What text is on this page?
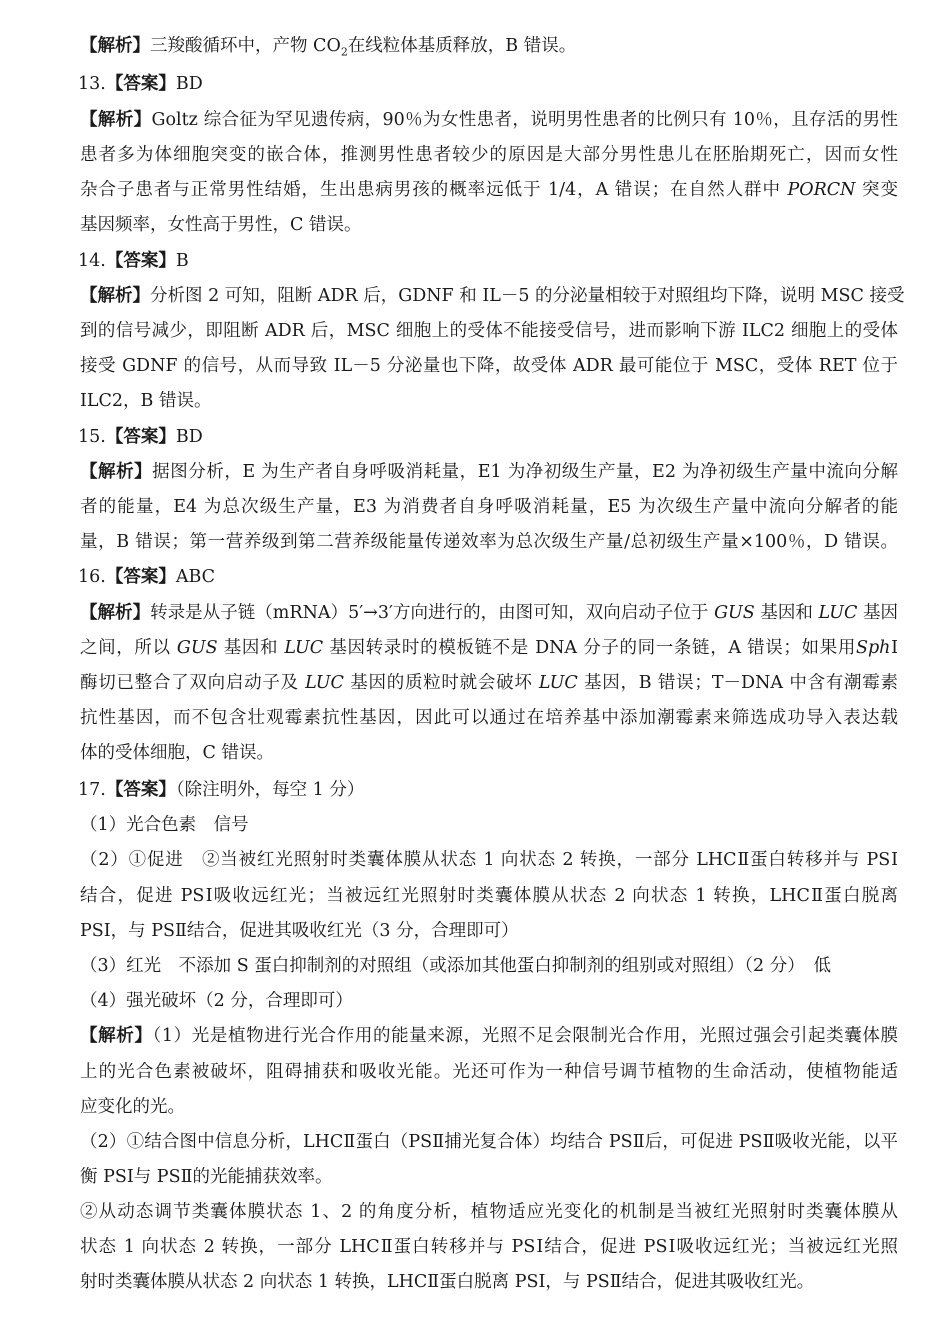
【解析】三羧酸循环中，产物 $CO_2$在线粒体基质释放，B 错误。
13.【答案】BD
【解析】Goltz 综合征为罕见遗传病，90％为女性患者，说明男性患者的比例只有 10％，且存活的男性
患者多为体细胞突变的嵌合体，推测男性患者较少的原因是大部分男性患儿在胚胎期死亡，因而女性
杂合子患者与正常男性结婚，生出患病男孩的概率远低于 1/4，A 错误；在自然人群中 PORCN 突变
基因频率，女性高于男性，C 错误。
14.【答案】B
【解析】分析图 2 可知，阻断 ADR 后，GDNF 和 IL－5 的分泌量相较于对照组均下降，说明 MSC 接受
到的信号减少，即阻断 ADR 后，MSC 细胞上的受体不能接受信号，进而影响下游 ILC2 细胞上的受体
接受 GDNF 的信号，从而导致 IL－5 分泌量也下降，故受体 ADR 最可能位于 MSC，受体 RET 位于
ILC2，B 错误。
15.【答案】BD
【解析】据图分析，E 为生产者自身呼吸消耗量，E1 为净初级生产量，E2 为净初级生产量中流向分解
者的能量，E4 为总次级生产量，E3 为消费者自身呼吸消耗量，E5 为次级生产量中流向分解者的能
量，B 错误；第一营养级到第二营养级能量传递效率为总次级生产量/总初级生产量×100％，D 错误。
16.【答案】ABC
【解析】转录是从子链（mRNA）5′→3′方向进行的，由图可知，双向启动子位于 GUS 基因和 LUC 基因
之间，所以 GUS 基因和 LUC 基因转录时的模板链不是 DNA 分子的同一条链，A 错误；如果用SphⅠ
酶切已整合了双向启动子及 LUC 基因的质粒时就会破坏 LUC 基因，B 错误；T－DNA 中含有潮霉素
抗性基因，而不包含壮观霉素抗性基因，因此可以通过在培养基中添加潮霉素来筛选成功导入表达载
体的受体细胞，C 错误。
17.【答案】（除注明外，每空 1 分）
（1）光合色素　信号
（2）①促进　②当被红光照射时类囊体膜从状态 1 向状态 2 转换，一部分 LHCⅡ蛋白转移并与 PSⅠ
结合，促进 PSⅠ吸收远红光；当被远红光照射时类囊体膜从状态 2 向状态 1 转换，LHCⅡ蛋白脱离
PSⅠ，与 PSⅡ结合，促进其吸收红光（3 分，合理即可）
（3）红光　不添加 S 蛋白抑制剂的对照组（或添加其他蛋白抑制剂的组别或对照组）（2 分）　低
（4）强光破坏（2 分，合理即可）
【解析】（1）光是植物进行光合作用的能量来源，光照不足会限制光合作用，光照过强会引起类囊体膜
上的光合色素被破坏，阻碍捕获和吸收光能。光还可作为一种信号调节植物的生命活动，使植物能适
应变化的光。
（2）①结合图中信息分析，LHCⅡ蛋白（PSⅡ捕光复合体）均结合 PSⅡ后，可促进 PSⅡ吸收光能，以平
衡 PSⅠ与 PSⅡ的光能捕获效率。
②从动态调节类囊体膜状态 1、2 的角度分析，植物适应光变化的机制是当被红光照射时类囊体膜从
状态 1 向状态 2 转换，一部分 LHCⅡ蛋白转移并与 PSⅠ结合，促进 PSⅠ吸收远红光；当被远红光照
射时类囊体膜从状态 2 向状态 1 转换，LHCⅡ蛋白脱离 PSⅠ，与 PSⅡ结合，促进其吸收红光。
